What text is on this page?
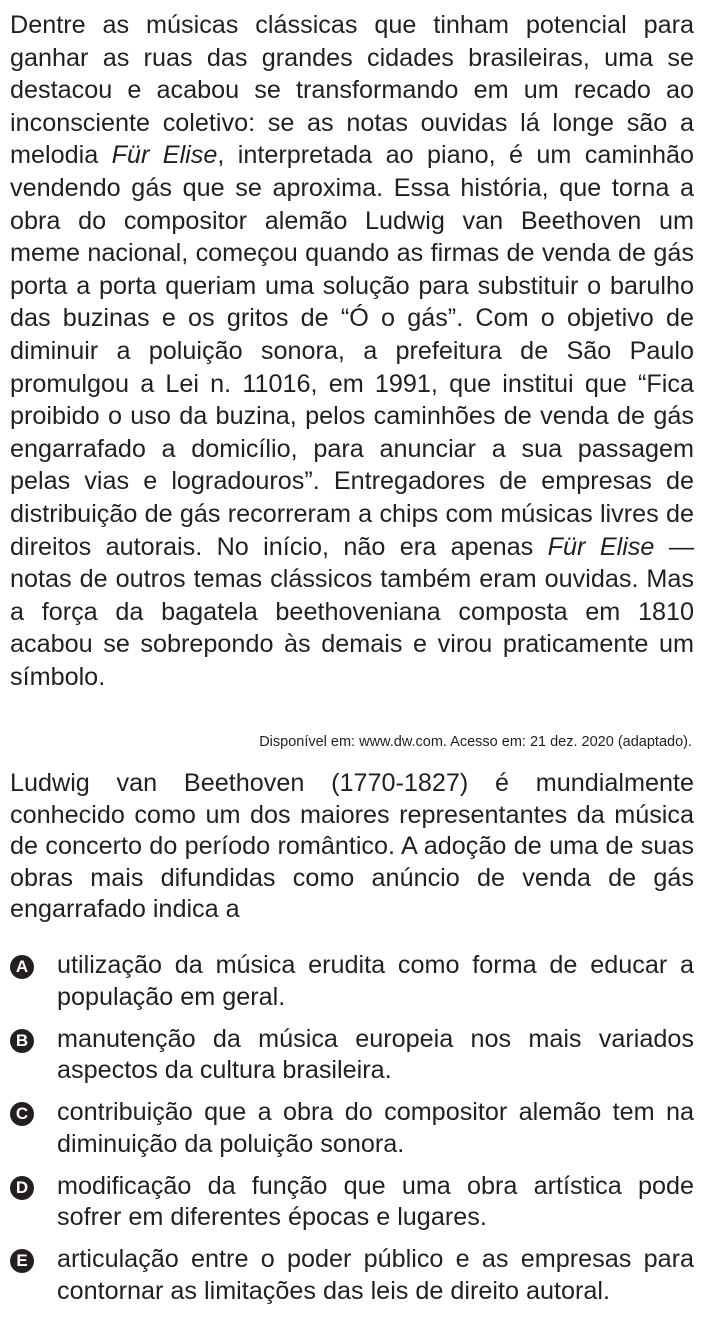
Dentre as músicas clássicas que tinham potencial para ganhar as ruas das grandes cidades brasileiras, uma se destacou e acabou se transformando em um recado ao inconsciente coletivo: se as notas ouvidas lá longe são a melodia Für Elise, interpretada ao piano, é um caminhão vendendo gás que se aproxima. Essa história, que torna a obra do compositor alemão Ludwig van Beethoven um meme nacional, começou quando as firmas de venda de gás porta a porta queriam uma solução para substituir o barulho das buzinas e os gritos de “Ó o gás”. Com o objetivo de diminuir a poluição sonora, a prefeitura de São Paulo promulgou a Lei n. 11016, em 1991, que institui que “Fica proibido o uso da buzina, pelos caminhões de venda de gás engarrafado a domicílio, para anunciar a sua passagem pelas vias e logradouros”. Entregadores de empresas de distribuição de gás recorreram a chips com músicas livres de direitos autorais. No início, não era apenas Für Elise — notas de outros temas clássicos também eram ouvidas. Mas a força da bagatela beethoveniana composta em 1810 acabou se sobrepondo às demais e virou praticamente um símbolo.
Disponível em: www.dw.com. Acesso em: 21 dez. 2020 (adaptado).
Ludwig van Beethoven (1770-1827) é mundialmente conhecido como um dos maiores representantes da música de concerto do período romântico. A adoção de uma de suas obras mais difundidas como anúncio de venda de gás engarrafado indica a
A utilização da música erudita como forma de educar a
população em geral.
B manutenção da música europeia nos mais variados
aspectos da cultura brasileira.
C contribuição que a obra do compositor alemão tem na
diminuição da poluição sonora.
D modificação da função que uma obra artística pode
sofrer em diferentes épocas e lugares.
E articulação entre o poder público e as empresas para
contornar as limitações das leis de direito autoral.
